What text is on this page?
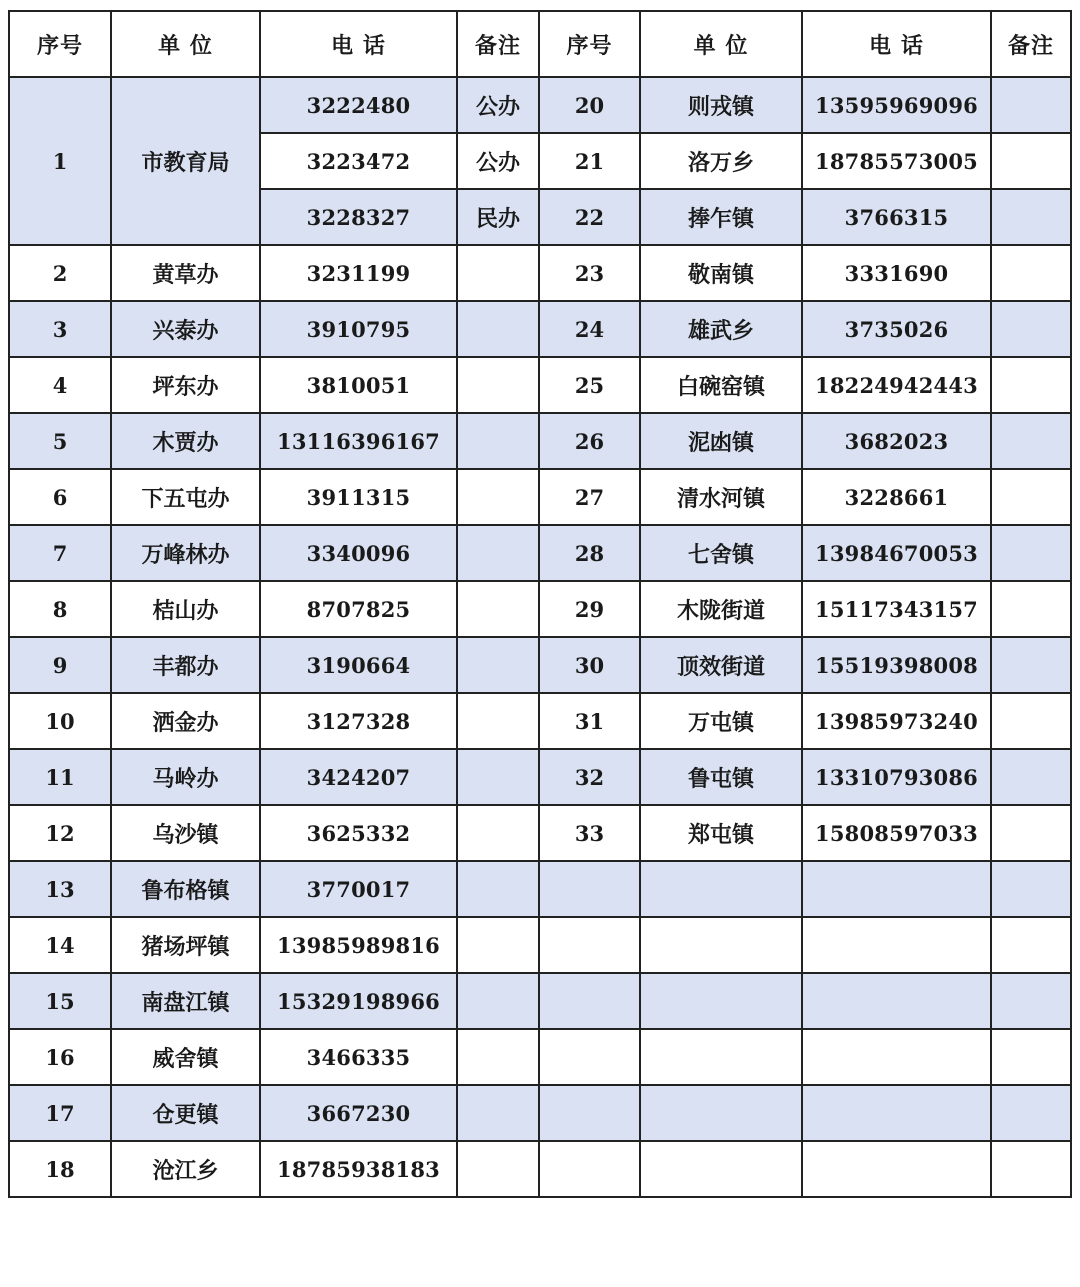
序号	单 位	电 话	备注	序号	单 位	电 话	备注
1	市教育局	3222480	公办	20	则戎镇	13595969096	
		3223472	公办	21	洛万乡	18785573005	
		3228327	民办	22	捧乍镇	3766315	
2	黄草办	3231199		23	敬南镇	3331690	
3	兴泰办	3910795		24	雄武乡	3735026	
4	坪东办	3810051		25	白碗窑镇	18224942443	
5	木贾办	13116396167		26	泥凼镇	3682023	
6	下五屯办	3911315		27	清水河镇	3228661	
7	万峰林办	3340096		28	七舍镇	13984670053	
8	桔山办	8707825		29	木陇街道	15117343157	
9	丰都办	3190664		30	顶效街道	15519398008	
10	洒金办	3127328		31	万屯镇	13985973240	
11	马岭办	3424207		32	鲁屯镇	13310793086	
12	乌沙镇	3625332		33	郑屯镇	15808597033	
13	鲁布格镇	3770017					
14	猪场坪镇	13985989816					
15	南盘江镇	15329198966					
16	威舍镇	3466335					
17	仓更镇	3667230					
18	沧江乡	18785938183					
